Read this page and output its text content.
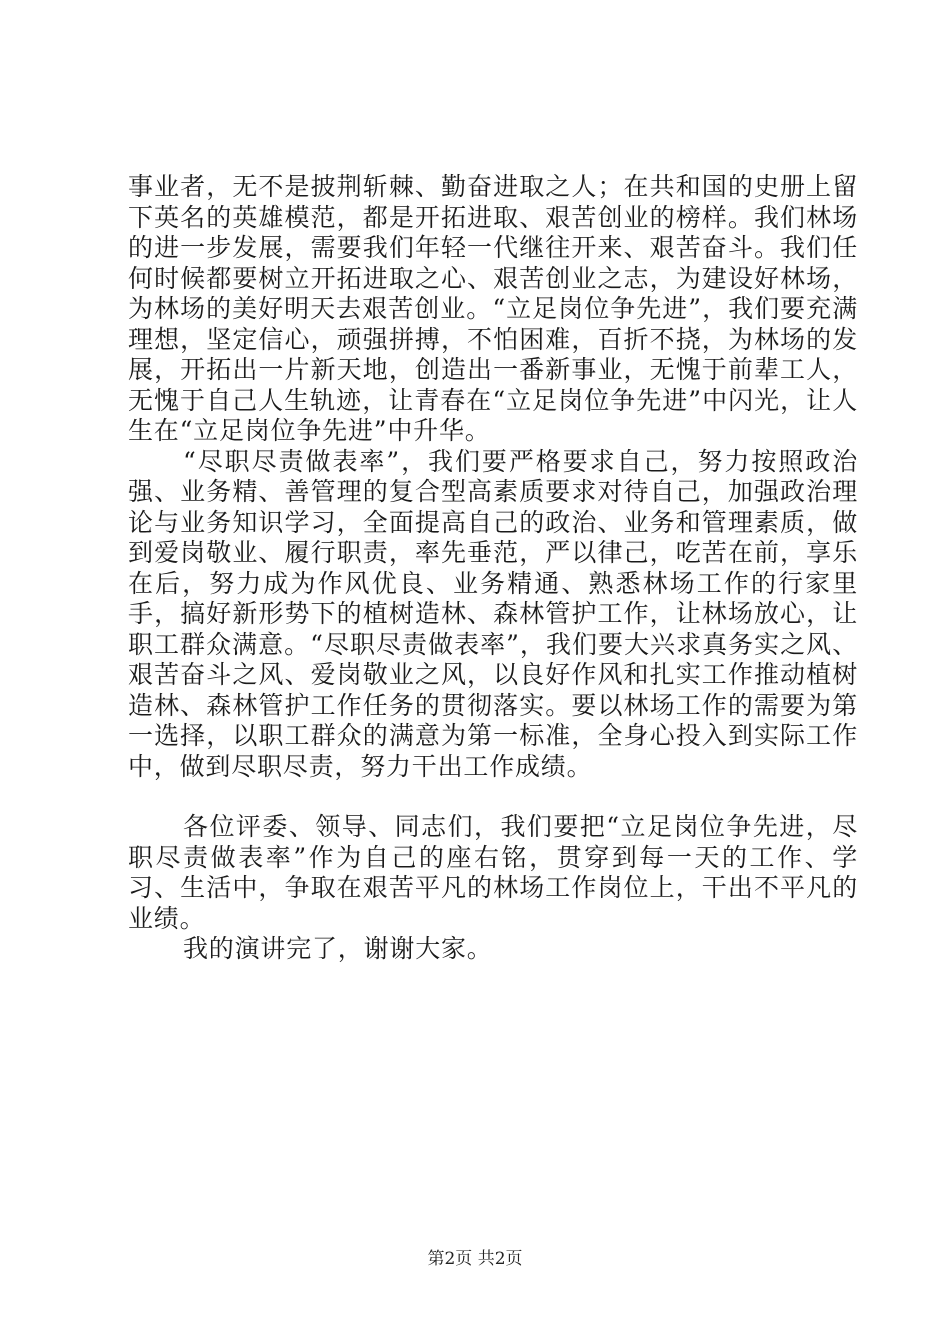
事业者，无不是披荆斩棘、勤奋进取之人；在共和国的史册上留下英名的英雄模范，都是开拓进取、艰苦创业的榜样。我们林场的进一步发展，需要我们年轻一代继往开来、艰苦奋斗。我们任何时候都要树立开拓进取之心、艰苦创业之志，为建设好林场，为林场的美好明天去艰苦创业。“立足岗位争先进”，我们要充满理想，坚定信心，顽强拼搏，不怕困难，百折不挠，为林场的发展，开拓出一片新天地，创造出一番新事业，无愧于前辈工人，无愧于自己人生轨迹，让青春在“立足岗位争先进”中闪光，让人生在“立足岗位争先进”中升华。

“尽职尽责做表率”，我们要严格要求自己，努力按照政治强、业务精、善管理的复合型高素质要求对待自己，加强政治理论与业务知识学习，全面提高自己的政治、业务和管理素质，做到爱岗敬业、履行职责，率先垂范，严以律己，吃苦在前，享乐在后，努力成为作风优良、业务精通、熟悉林场工作的行家里手，搞好新形势下的植树造林、森林管护工作，让林场放心，让职工群众满意。“尽职尽责做表率”，我们要大兴求真务实之风、艰苦奋斗之风、爱岗敬业之风，以良好作风和扎实工作推动植树造林、森林管护工作任务的贯彻落实。要以林场工作的需要为第一选择，以职工群众的满意为第一标准，全身心投入到实际工作中，做到尽职尽责，努力干出工作成绩。

各位评委、领导、同志们，我们要把“立足岗位争先进，尽职尽责做表率”作为自己的座右铭，贯穿到每一天的工作、学习、生活中，争取在艰苦平凡的林场工作岗位上，干出不平凡的业绩。

我的演讲完了，谢谢大家。

第2页 共2页
